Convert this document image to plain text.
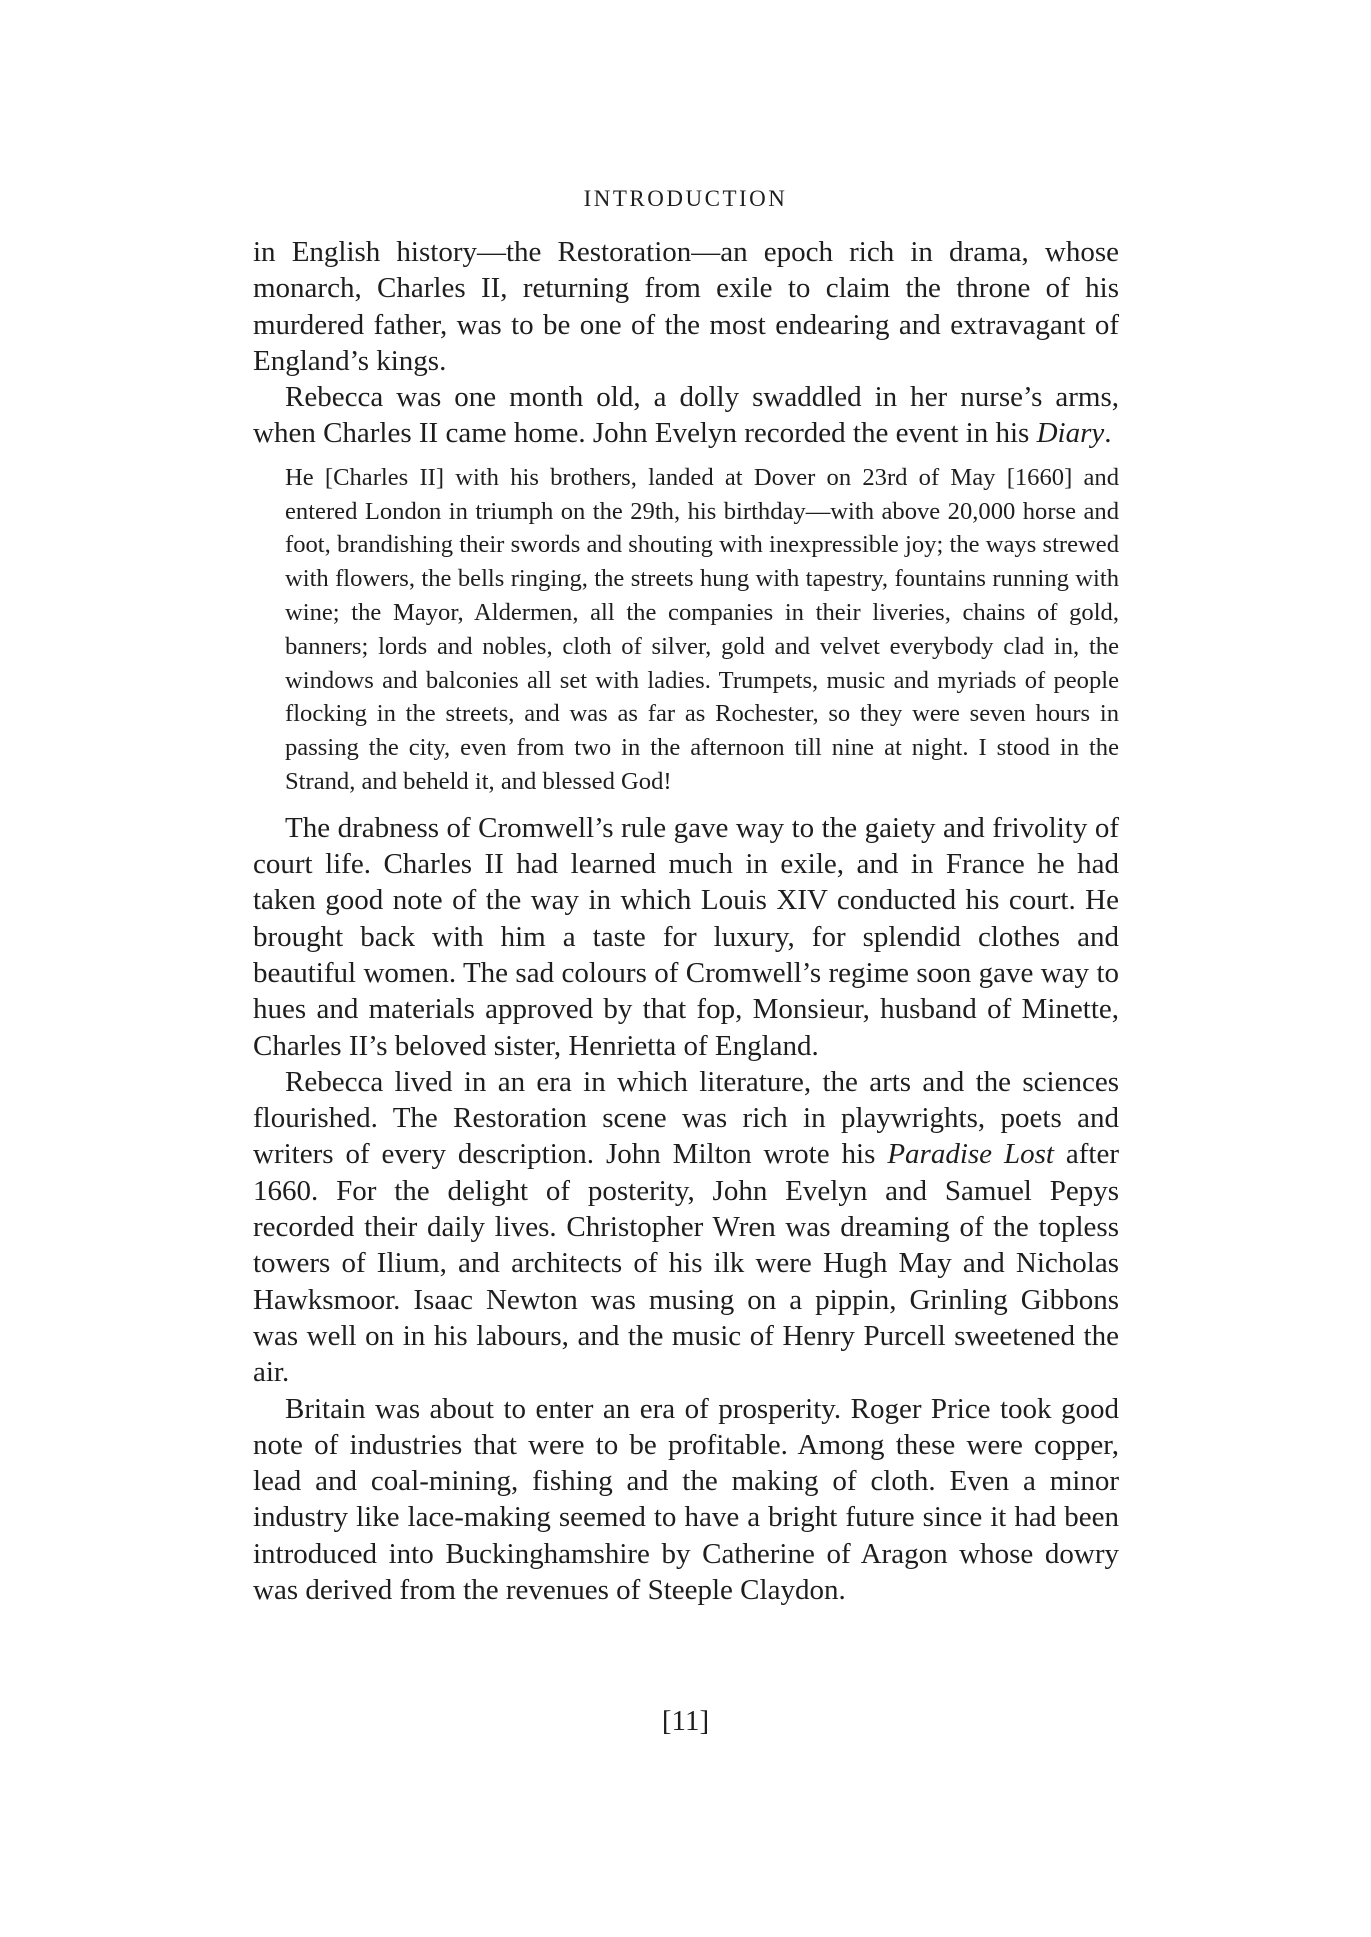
INTRODUCTION

in English history—the Restoration—an epoch rich in drama, whose monarch, Charles II, returning from exile to claim the throne of his murdered father, was to be one of the most endearing and extravagant of England’s kings.

Rebecca was one month old, a dolly swaddled in her nurse’s arms, when Charles II came home. John Evelyn recorded the event in his Diary.

He [Charles II] with his brothers, landed at Dover on 23rd of May [1660] and entered London in triumph on the 29th, his birthday—with above 20,000 horse and foot, brandishing their swords and shouting with inexpressible joy; the ways strewed with flowers, the bells ringing, the streets hung with tapestry, fountains running with wine; the Mayor, Aldermen, all the companies in their liveries, chains of gold, banners; lords and nobles, cloth of silver, gold and velvet everybody clad in, the windows and balconies all set with ladies. Trumpets, music and myriads of people flocking in the streets, and was as far as Rochester, so they were seven hours in passing the city, even from two in the afternoon till nine at night. I stood in the Strand, and beheld it, and blessed God!

The drabness of Cromwell’s rule gave way to the gaiety and frivolity of court life. Charles II had learned much in exile, and in France he had taken good note of the way in which Louis XIV conducted his court. He brought back with him a taste for luxury, for splendid clothes and beautiful women. The sad colours of Cromwell’s regime soon gave way to hues and materials approved by that fop, Monsieur, husband of Minette, Charles II’s beloved sister, Henrietta of England.

Rebecca lived in an era in which literature, the arts and the sciences flourished. The Restoration scene was rich in playwrights, poets and writers of every description. John Milton wrote his Paradise Lost after 1660. For the delight of posterity, John Evelyn and Samuel Pepys recorded their daily lives. Christopher Wren was dreaming of the topless towers of Ilium, and architects of his ilk were Hugh May and Nicholas Hawksmoor. Isaac Newton was musing on a pippin, Grinling Gibbons was well on in his labours, and the music of Henry Purcell sweetened the air.

Britain was about to enter an era of prosperity. Roger Price took good note of industries that were to be profitable. Among these were copper, lead and coal-mining, fishing and the making of cloth. Even a minor industry like lace-making seemed to have a bright future since it had been introduced into Buckinghamshire by Catherine of Aragon whose dowry was derived from the revenues of Steeple Claydon.

[11]
